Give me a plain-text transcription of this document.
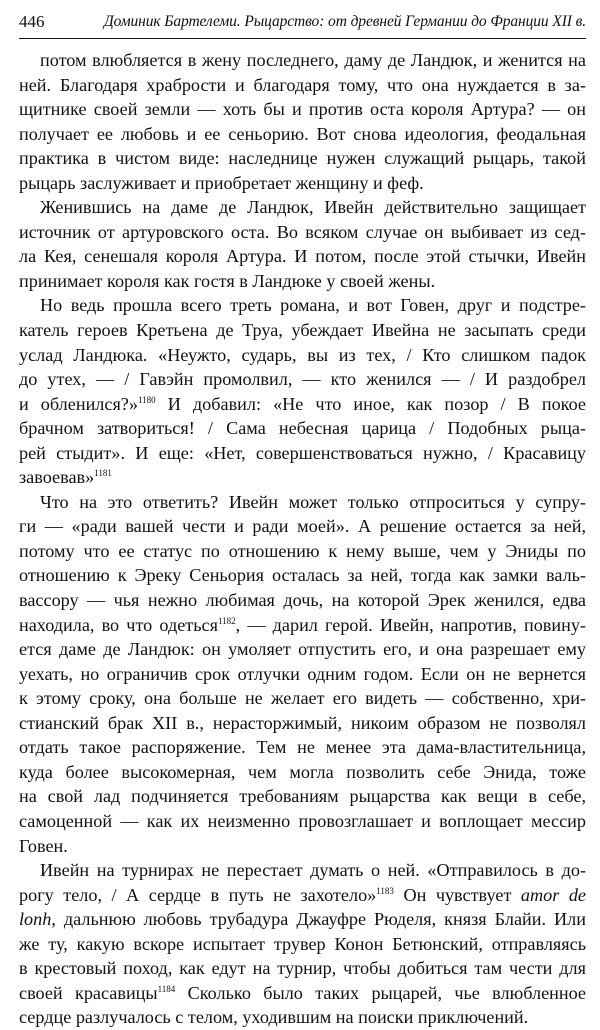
446	Доминик Бартелеми. Рыцарство: от древней Германии до Франции XII в.
потом влюбляется в жену последнего, даму де Ландюк, и женится на
ней. Благодаря храбрости и благодаря тому, что она нуждается в за-
щитнике своей земли — хоть бы и против оста короля Артура? — он
получает ее любовь и ее сеньорию. Вот снова идеология, феодальная
практика в чистом виде: наследнице нужен служащий рыцарь, такой
рыцарь заслуживает и приобретает женщину и феф.
Женившись на даме де Ландюк, Ивейн действительно защищает
источник от артуровского оста. Во всяком случае он выбивает из сед-
ла Кея, сенешаля короля Артура. И потом, после этой стычки, Ивейн
принимает короля как гостя в Ландюке у своей жены.
Но ведь прошла всего треть романа, и вот Говен, друг и подстре-
катель героев Кретьена де Труа, убеждает Ивейна не засыпать среди
услад Ландюка. «Неужто, сударь, вы из тех, / Кто слишком падок
до утех, — / Гавэйн промолвил, — кто женился — / И раздобрел
и обленился?»$^{1180}$ И добавил: «Не что иное, как позор / В покое
брачном затвориться! / Сама небесная царица / Подобных рыца-
рей стыдит». И еще: «Нет, совершенствоваться нужно, / Красавицу
завоевав»$^{1181}$
Что на это ответить? Ивейн может только отпроситься у супру-
ги — «ради вашей чести и ради моей». А решение остается за ней,
потому что ее статус по отношению к нему выше, чем у Эниды по
отношению к Эреку Сеньория осталась за ней, тогда как замки валь-
вассору — чья нежно любимая дочь, на которой Эрек женился, едва
находила, во что одеться$^{1182}$, — дарил герой. Ивейн, напротив, повину-
ется даме де Ландюк: он умоляет отпустить его, и она разрешает ему
уехать, но ограничив срок отлучки одним годом. Если он не вернется
к этому сроку, она больше не желает его видеть — собственно, хри-
стианский брак XII в., нерасторжимый, никоим образом не позволял
отдать такое распоряжение. Тем не менее эта дама-властительница,
куда более высокомерная, чем могла позволить себе Энида, тоже
на свой лад подчиняется требованиям рыцарства как вещи в себе,
самоценной — как их неизменно провозглашает и воплощает мессир
Говен.
Ивейн на турнирах не перестает думать о ней. «Отправилось в до-
рогу тело, / А сердце в путь не захотело»$^{1183}$ Он чувствует amor de
lonh, дальнюю любовь трубадура Джауфре Рюделя, князя Блайи. Или
же ту, какую вскоре испытает трувер Конон Бетюнский, отправляясь
в крестовый поход, как едут на турнир, чтобы добиться там чести для
своей красавицы$^{1184}$ Сколько было таких рыцарей, чье влюбленное
сердце разлучалось с телом, уходившим на поиски приключений.
